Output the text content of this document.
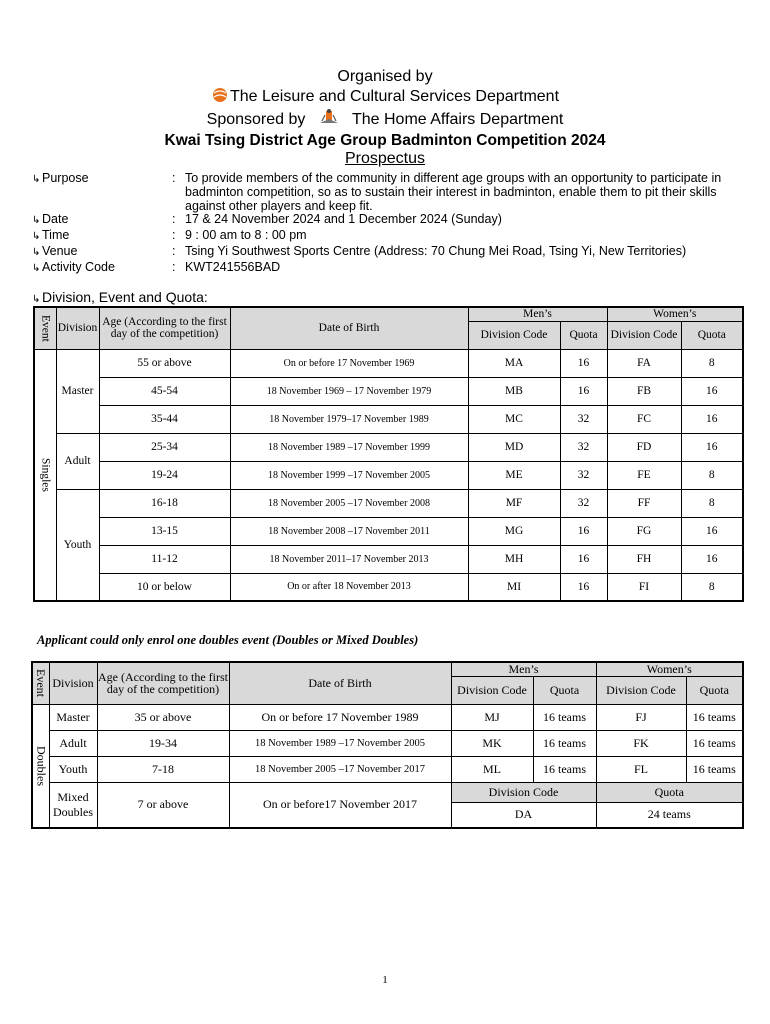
Organised by
The Leisure and Cultural Services Department
Sponsored by	The Home Affairs Department
Kwai Tsing District Age Group Badminton Competition 2024
Prospectus
↳ Purpose	: To provide members of the community in different age groups with an opportunity to participate in badminton competition, so as to sustain their interest in badminton, enable them to pit their skills against other players and keep fit.
↳ Date	: 17 & 24 November 2024 and 1 December 2024 (Sunday)
↳ Time	: 9 : 00 am to 8 : 00 pm
↳ Venue	: Tsing Yi Southwest Sports Centre (Address: 70 Chung Mei Road, Tsing Yi, New Territories)
↳ Activity Code	: KWT241556BAD
↳ Division, Event and Quota:
Event	Division	Age (According to the first day of the competition)	Date of Birth	Men’s		Women’s	
				Division Code	Quota	Division Code	Quota
Singles	Master	55 or above	On or before 17 November 1969	MA	16	FA	8
		45-54	18 November 1969 – 17 November 1979	MB	16	FB	16
		35-44	18 November 1979–17 November 1989	MC	32	FC	16
	Adult	25-34	18 November 1989 –17 November 1999	MD	32	FD	16
		19-24	18 November 1999 –17 November 2005	ME	32	FE	8
	Youth	16-18	18 November 2005 –17 November 2008	MF	32	FF	8
		13-15	18 November 2008 –17 November 2011	MG	16	FG	16
		11-12	18 November 2011–17 November 2013	MH	16	FH	16
		10 or below	On or after 18 November 2013	MI	16	FI	8
Applicant could only enrol one doubles event (Doubles or Mixed Doubles)
Event	Division	Age (According to the first day of the competition)	Date of Birth	Men’s		Women’s	
				Division Code	Quota	Division Code	Quota
Doubles	Master	35 or above	On or before 17 November 1989	MJ	16 teams	FJ	16 teams
	Adult	19-34	18 November 1989 –17 November 2005	MK	16 teams	FK	16 teams
	Youth	7-18	18 November 2005 –17 November 2017	ML	16 teams	FL	16 teams
	Mixed Doubles	7 or above	On or before17 November 2017	Division Code		Quota	
				DA		24 teams	
1
